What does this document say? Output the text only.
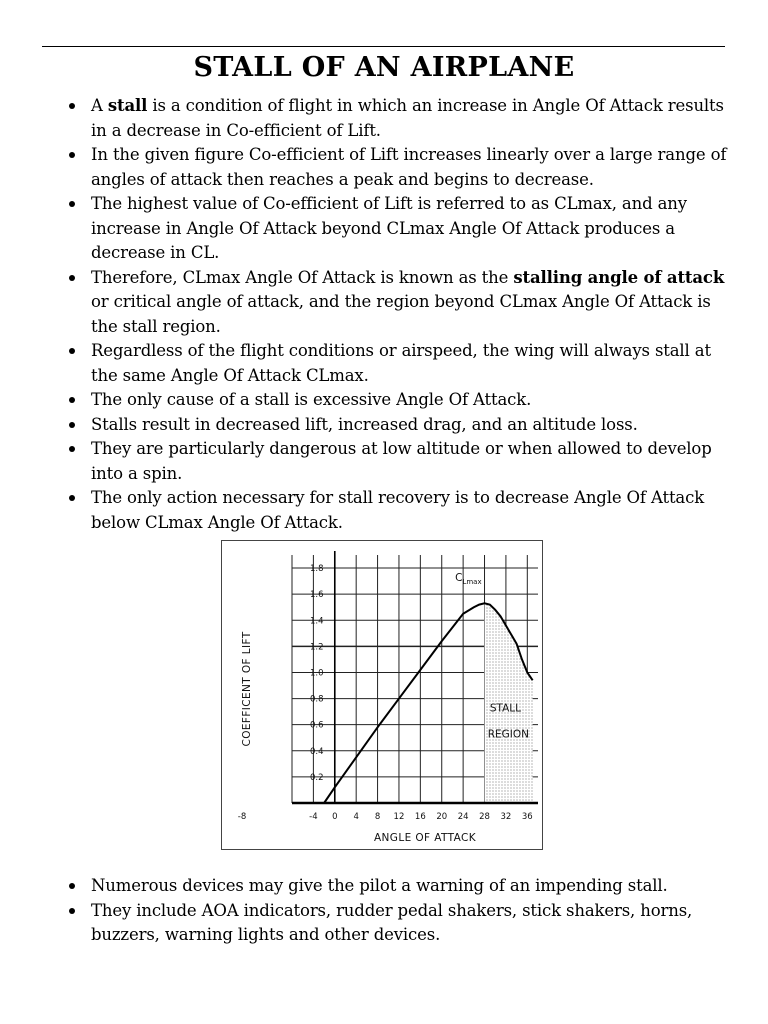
STALL OF AN AIRPLANE
A stall is a condition of flight in which an increase in Angle Of Attack results in a decrease in Co-efficient of Lift.
In the given figure Co-efficient of Lift increases linearly over a large range of angles of attack then reaches a peak and begins to decrease.
The highest value of Co-efficient of Lift is referred to as CLmax, and any increase in Angle Of Attack beyond CLmax Angle Of Attack produces a decrease in CL.
Therefore, CLmax Angle Of Attack is known as the stalling angle of attack or critical angle of attack, and the region beyond CLmax Angle Of Attack is the stall region.
Regardless of the flight conditions or airspeed, the wing will always stall at the same Angle Of Attack CLmax.
The only cause of a stall is excessive Angle Of Attack.
Stalls result in decreased lift, increased drag, and an altitude loss.
They are particularly dangerous at low altitude or when allowed to develop into a spin.
The only action necessary for stall recovery is to decrease Angle Of Attack below CLmax Angle Of Attack.
0.2
0.4
0.6
0.8
1.0
1.2
1.4
1.6
1.8
-8	-4 0 4 8 12 16 20 24 28 32 36
ANGLE OF ATTACK
COEFFICENT OF LIFT
$C_{Lmax}$
STALL
REGION
Numerous devices may give the pilot a warning of an impending stall.
They include AOA indicators, rudder pedal shakers, stick shakers, horns, buzzers, warning lights and other devices.
